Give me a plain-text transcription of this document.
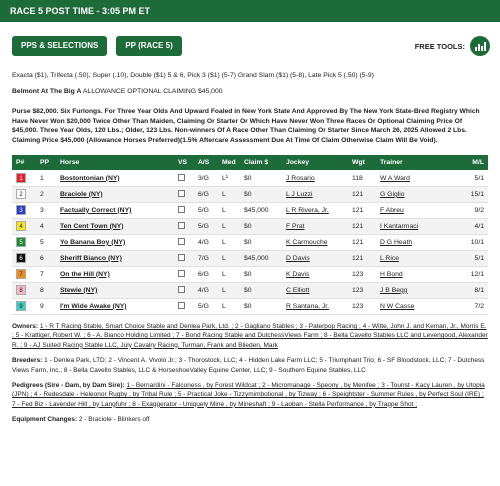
RACE 5 POST TIME - 3:05 PM ET
PPS & SELECTIONS	PP (RACE 5)	FREE TOOLS:
Exacta ($1), Trifecta (.50), Super (.10), Double ($1) 5 & 6, Pick 3 ($1) (5-7) Grand Slam ($1) (5-8), Late Pick 5 (.50) (5-9)
Belmont At The Big A ALLOWANCE OPTIONAL CLAIMING $45,000
Purse $82,000. Six Furlongs. For Three Year Olds And Upward Foaled in New York State And Approved By The New York State-Bred Registry Which Have Never Won $20,000 Twice Other Than Maiden, Claiming Or Starter Or Which Have Never Won Three Races Or Optional Claiming Price Of $45,000. Three Year Olds, 120 Lbs.; Older, 123 Lbs. Non-winners Of A Race Other Than Claiming Or Starter Since March 26, 2025 Allowed 2 Lbs. Claiming Price $45,000 (Allowance Horses Preferred)(1.5% Aftercare Assessment Due At Time Of Claim Otherwise Claim Will Be Void).
P#	PP	Horse	VS	A/S	Med	Claim $	Jockey	Wgt	Trainer	M/L
1	1	Bostontonian (NY)		3/G	L¹	$0	J Rosario	118	W A Ward	5/1
2	2	Braciole (NY)		6/G	L	$0	L J Luzzi	121	G Giglio	15/1
3	3	Factually Correct (NY)		5/G	L	$45,000	L R Rivera, Jr.	121	F Abreu	9/2
4	4	Ten Cent Town (NY)		5/G	L	$0	F Prat	121	I Kantarmaci	4/1
5	5	Yo Banana Boy (NY)		4/G	L	$0	K Carmouche	121	D G Heath	10/1
6	6	Sheriff Bianco (NY)		7/G	L	$45,000	D Davis	121	L Rice	5/1
7	7	On the Hill (NY)		6/G	L	$0	K Davis	123	H Bond	12/1
8	8	Stewie (NY)		4/G	L	$0	C Elliott	123	J B Begg	8/1
9	9	I'm Wide Awake (NY)		5/G	L	$0	R Santana, Jr.	123	N W Casse	7/2
Owners: 1 - R T Racing Stable, Smart Choice Stable and Denlea Park, Ltd. ; 2 - Gagliano Stables ; 3 - Paterpop Racing ; 4 - Witte, John J. and Keman, Jr., Morris E. ; 5 - Krattiger, Robert W. ; 6 - A. Bianco Holding Limited ; 7 - Bond Racing Stable and DutchessViews Farm ; 8 - Bella Cavello Stables LLC and Levengood, Alexander R. ; 9 - AJ Suited Racing Stable LLC, July Cavalry Racing, Turman, Frank and Blieden, Mark
Breeders: 1 - Denlea Park, LTD; 2 - Vincent A. Vivolo Jr.; 3 - Thorostock, LLC; 4 - Hidden Lake Farm LLC; 5 - Triumphant Trio; 6 - SF Bloodstock, LLC; 7 - Dutchess Views Farm, Inc.; 8 - Bella Cavello Stables, LLC & HorseshoeValley Equine Center, LLC; 9 - Southern Equine Stables, LLC
Pedigrees (Sire - Dam, by Dam Sire): 1 - Bernardini - Falconess , by Forest Wildcat ; 2 - Micromanage - Speony , by Menifee ; 3 - Tourist - Kacy Lauren , by Utopia (JPN) ; 4 - Redesdale - Heleonor Rugby , by Tribal Rule ; 5 - Practical Joke - Tizzymimbotional , by Tizway ; 6 - Speightster - Summer Rules , by Perfect Soul (IRE) ; 7 - Fed Biz - Lavender Hill , by Langfuhr ; 8 - Exaggerator - Uniquely Mine , by Mineshaft ; 9 - Laoban - Stella Performance , by Trappe Shot ;
Equipment Changes: 2 - Braciole - Blinkers off
